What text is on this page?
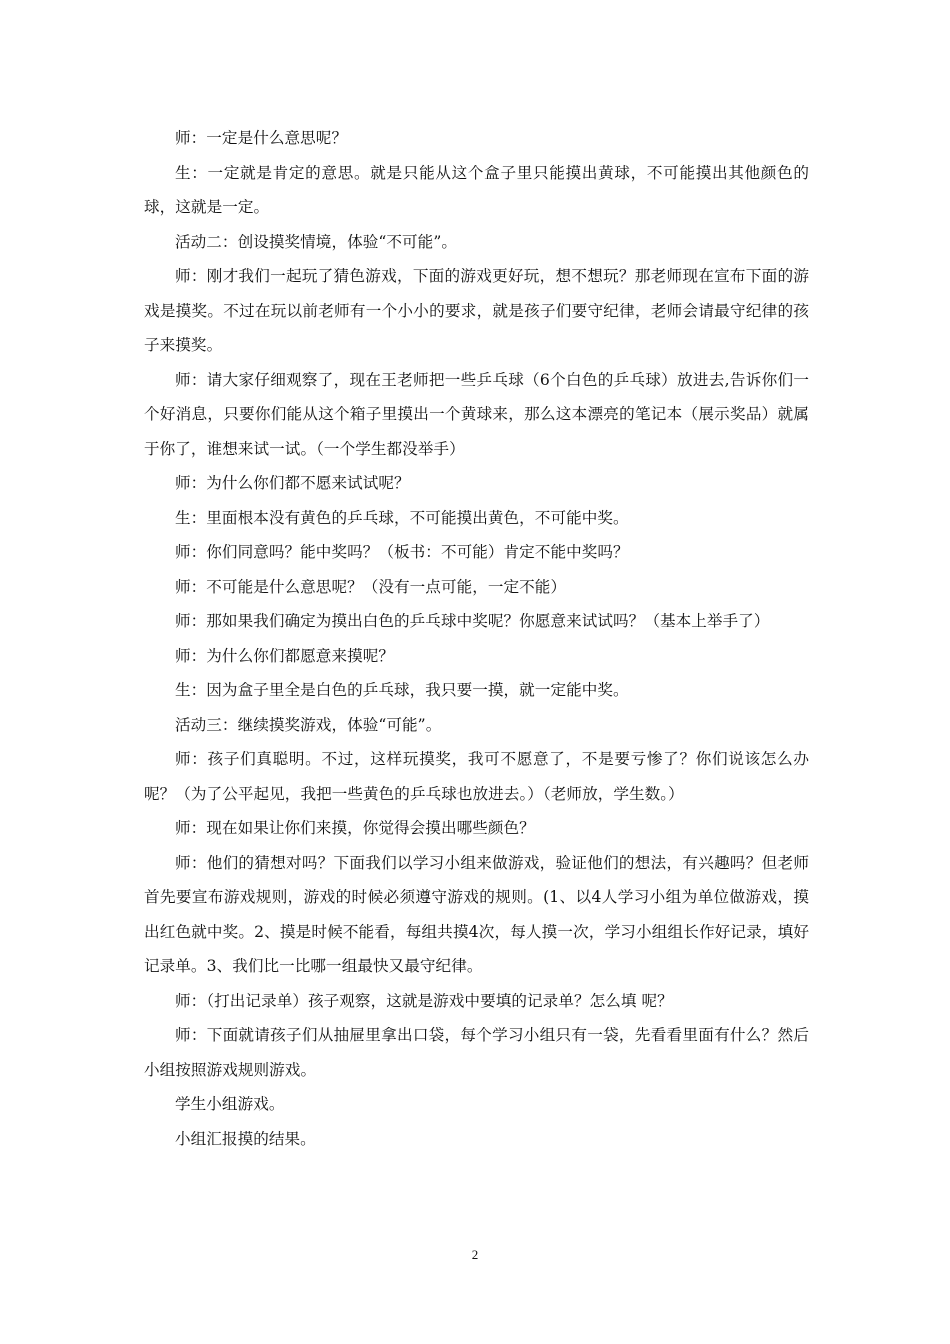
师：一定是什么意思呢？

生：一定就是肯定的意思。就是只能从这个盒子里只能摸出黄球，不可能摸出其他颜色的球，这就是一定。

活动二：创设摸奖情境，体验“不可能”。

师：刚才我们一起玩了猜色游戏，下面的游戏更好玩，想不想玩？那老师现在宣布下面的游戏是摸奖。不过在玩以前老师有一个小小的要求，就是孩子们要守纪律，老师会请最守纪律的孩子来摸奖。

师：请大家仔细观察了，现在王老师把一些乒乓球（6个白色的乒乓球）放进去,告诉你们一个好消息，只要你们能从这个箱子里摸出一个黄球来，那么这本漂亮的笔记本（展示奖品）就属于你了，谁想来试一试。（一个学生都没举手）

师：为什么你们都不愿来试试呢？

生：里面根本没有黄色的乒乓球，不可能摸出黄色，不可能中奖。

师：你们同意吗？能中奖吗？（板书：不可能）肯定不能中奖吗？

师：不可能是什么意思呢？（没有一点可能，一定不能）

师：那如果我们确定为摸出白色的乒乓球中奖呢？你愿意来试试吗？（基本上举手了）

师：为什么你们都愿意来摸呢？

生：因为盒子里全是白色的乒乓球，我只要一摸，就一定能中奖。

活动三：继续摸奖游戏，体验“可能”。

师：孩子们真聪明。不过，这样玩摸奖，我可不愿意了，不是要亏惨了？你们说该怎么办呢？（为了公平起见，我把一些黄色的乒乓球也放进去。）（老师放，学生数。）

师：现在如果让你们来摸，你觉得会摸出哪些颜色？

师：他们的猜想对吗？下面我们以学习小组来做游戏，验证他们的想法，有兴趣吗？但老师首先要宣布游戏规则，游戏的时候必须遵守游戏的规则。(1、以4人学习小组为单位做游戏，摸出红色就中奖。2、摸是时候不能看，每组共摸4次，每人摸一次，学习小组组长作好记录，填好记录单。3、我们比一比哪一组最快又最守纪律。

师：（打出记录单）孩子观察，这就是游戏中要填的记录单？怎么填 呢？

师：下面就请孩子们从抽屉里拿出口袋，每个学习小组只有一袋，先看看里面有什么？然后小组按照游戏规则游戏。

学生小组游戏。

小组汇报摸的结果。

2
